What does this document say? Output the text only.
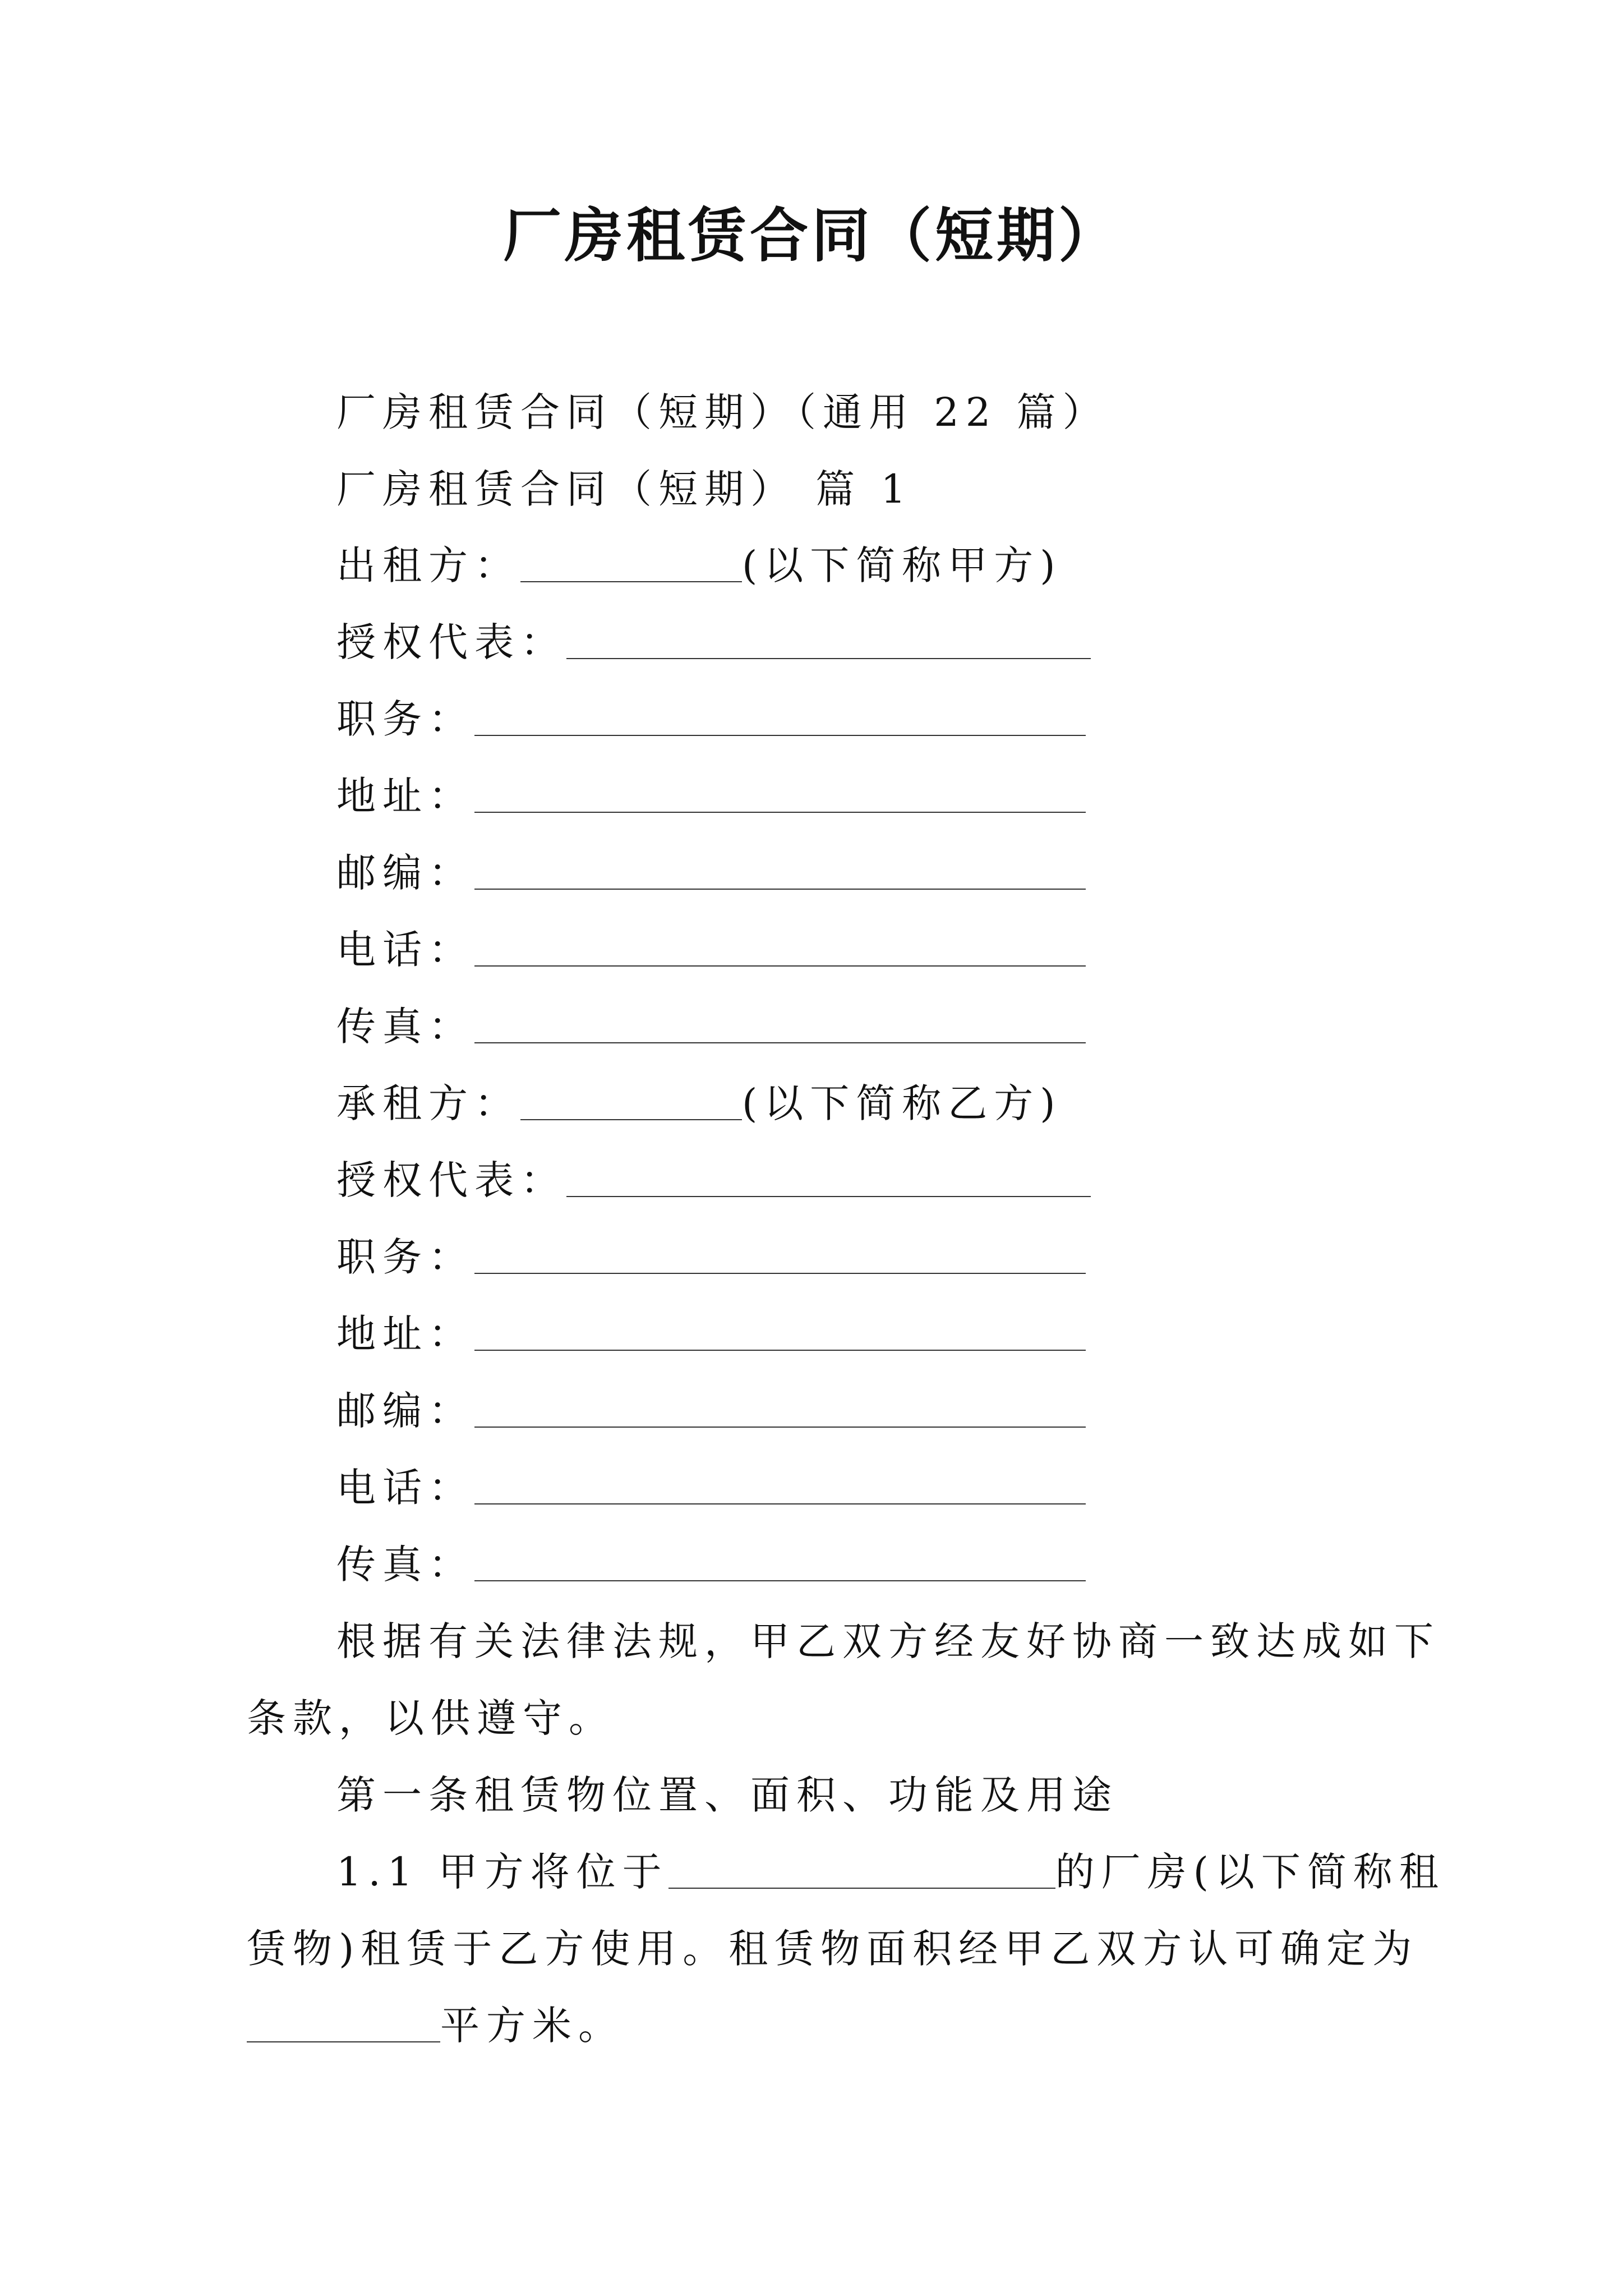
厂房租赁合同（短期）
厂房租赁合同（短期）（通用 22 篇）
厂房租赁合同（短期） 篇 1
出租方：	(以下简称甲方)
授权代表：
职务：
地址：
邮编：
电话：
传真：
承租方：	(以下简称乙方)
授权代表：
职务：
地址：
邮编：
电话：
传真：
根据有关法律法规，甲乙双方经友好协商一致达成如下
条款，以供遵守。
第一条租赁物位置、面积、功能及用途
1.1 甲方将位于	的厂房(以下简称租
赁物)租赁于乙方使用。租赁物面积经甲乙双方认可确定为
平方米。
